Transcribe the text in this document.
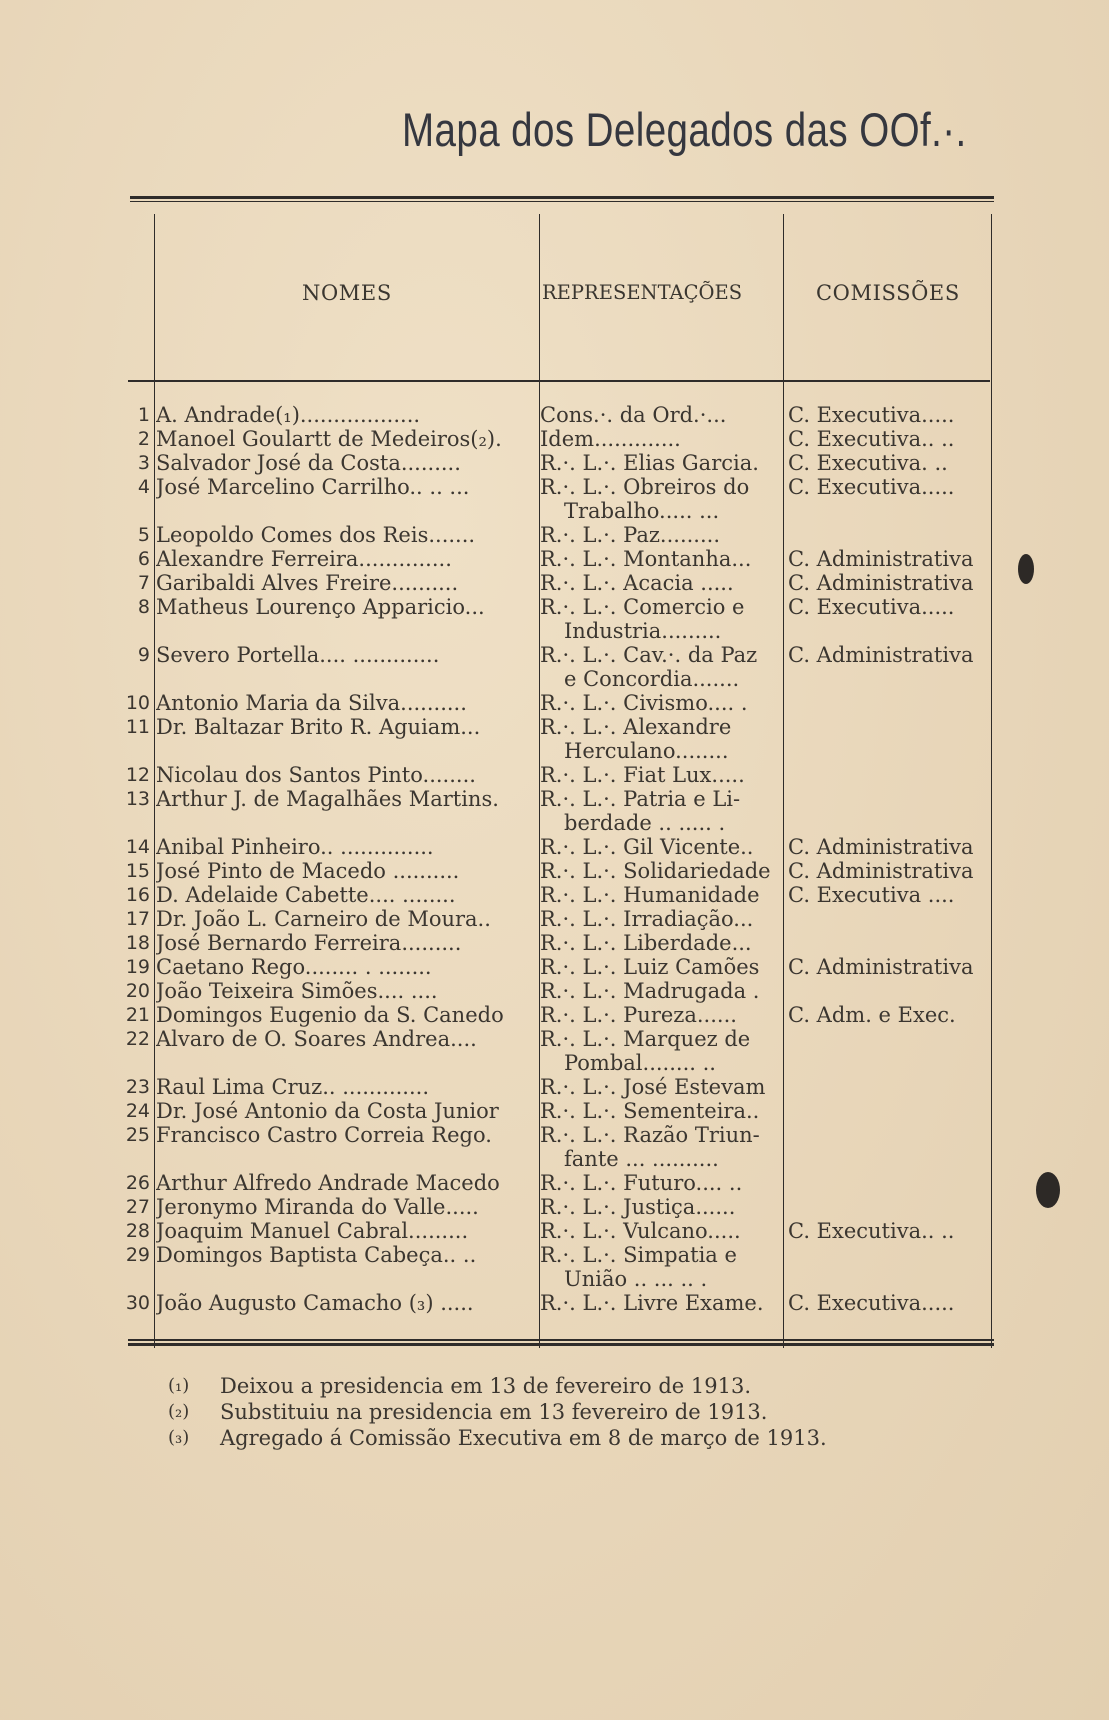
Mapa dos Delegados das OOf.·.
NOMES	REPRESENTAÇÕES	COMISSÕES
1 A. Andrade(₁)..................	Cons.·. da Ord.·...	C. Executiva.....
2 Manoel Goulartt de Medeiros(₂).	Idem.............	C. Executiva.. ..
3 Salvador José da Costa.........	R.·. L.·. Elias Garcia.	C. Executiva. ..
4 José Marcelino Carrilho.. .. ...	R.·. L.·. Obreiros do	C. Executiva.....
Trabalho..... ...
5 Leopoldo Comes dos Reis.......	R.·. L.·. Paz.........
6 Alexandre Ferreira..............	R.·. L.·. Montanha...	C. Administrativa
7 Garibaldi Alves Freire..........	R.·. L.·. Acacia .....	C. Administrativa
8 Matheus Lourenço Apparicio...	R.·. L.·. Comercio e	C. Executiva.....
Industria.........
9 Severo Portella.... .............	R.·. L.·. Cav.·. da Paz	C. Administrativa
e Concordia.......
10 Antonio Maria da Silva..........	R.·. L.·. Civismo.... .
11 Dr. Baltazar Brito R. Aguiam...	R.·. L.·. Alexandre
Herculano........
12 Nicolau dos Santos Pinto........	R.·. L.·. Fiat Lux.....
13 Arthur J. de Magalhães Martins.	R.·. L.·. Patria e Li-
berdade .. ..... .
14 Anibal Pinheiro.. ..............	R.·. L.·. Gil Vicente..	C. Administrativa
15 José Pinto de Macedo ..........	R.·. L.·. Solidariedade C. Administrativa
16 D. Adelaide Cabette.... ........	R.·. L.·. Humanidade	C. Executiva ....
17 Dr. João L. Carneiro de Moura..	R.·. L.·. Irradiação...
18 José Bernardo Ferreira.........	R.·. L.·. Liberdade...
19 Caetano Rego........ . ........	R.·. L.·. Luiz Camões	C. Administrativa
20 João Teixeira Simões.... ....	R.·. L.·. Madrugada .
21 Domingos Eugenio da S. Canedo	R.·. L.·. Pureza......	C. Adm. e Exec.
22 Alvaro de O. Soares Andrea....	R.·. L.·. Marquez de
Pombal........ ..
23 Raul Lima Cruz.. .............	R.·. L.·. José Estevam
24 Dr. José Antonio da Costa Junior	R.·. L.·. Sementeira..
25 Francisco Castro Correia Rego.	R.·. L.·. Razão Triun-
fante ... ..........
26 Arthur Alfredo Andrade Macedo	R.·. L.·. Futuro.... ..
27 Jeronymo Miranda do Valle.....	R.·. L.·. Justiça......
28 Joaquim Manuel Cabral.........	R.·. L.·. Vulcano.....	C. Executiva.. ..
29 Domingos Baptista Cabeça.. ..	R.·. L.·. Simpatia e
União .. ... .. .
30 João Augusto Camacho (₃) .....	R.·. L.·. Livre Exame.	C. Executiva.....
(₁) Deixou a presidencia em 13 de fevereiro de 1913.
(₂) Substituiu na presidencia em 13 fevereiro de 1913.
(₃) Agregado á Comissão Executiva em 8 de março de 1913.
